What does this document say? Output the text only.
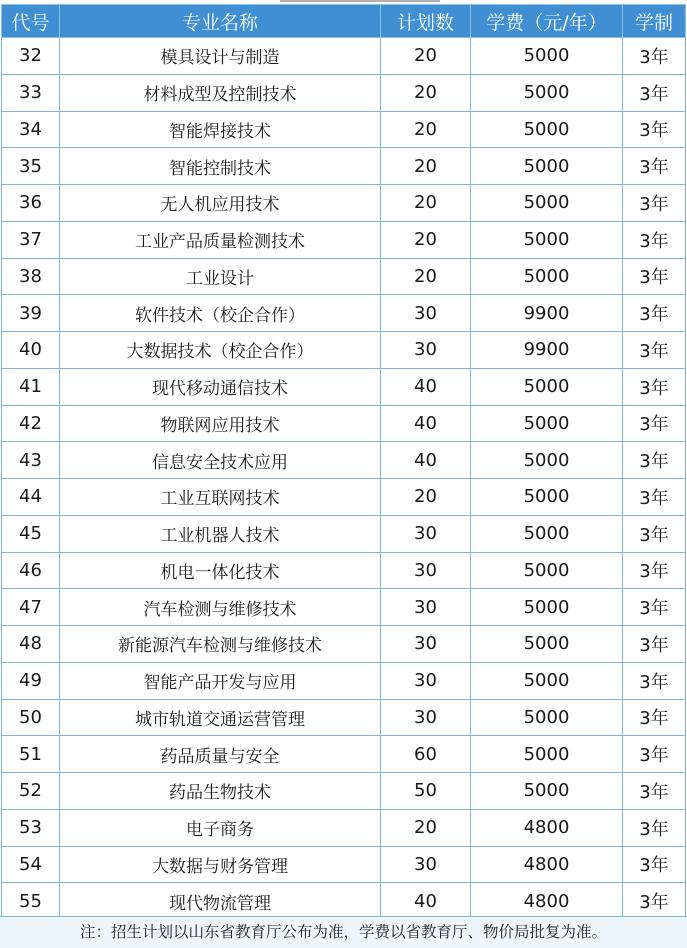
代号	专业名称	计划数	学费（元/年）	学制
32	模具设计与制造	20	5000	3年
33	材料成型及控制技术	20	5000	3年
34	智能焊接技术	20	5000	3年
35	智能控制技术	20	5000	3年
36	无人机应用技术	20	5000	3年
37	工业产品质量检测技术	20	5000	3年
38	工业设计	20	5000	3年
39	软件技术（校企合作）	30	9900	3年
40	大数据技术（校企合作）	30	9900	3年
41	现代移动通信技术	40	5000	3年
42	物联网应用技术	40	5000	3年
43	信息安全技术应用	40	5000	3年
44	工业互联网技术	20	5000	3年
45	工业机器人技术	30	5000	3年
46	机电一体化技术	30	5000	3年
47	汽车检测与维修技术	30	5000	3年
48	新能源汽车检测与维修技术	30	5000	3年
49	智能产品开发与应用	30	5000	3年
50	城市轨道交通运营管理	30	5000	3年
51	药品质量与安全	60	5000	3年
52	药品生物技术	50	5000	3年
53	电子商务	20	4800	3年
54	大数据与财务管理	30	4800	3年
55	现代物流管理	40	4800	3年
注：招生计划以山东省教育厅公布为准，学费以省教育厅、物价局批复为准。
